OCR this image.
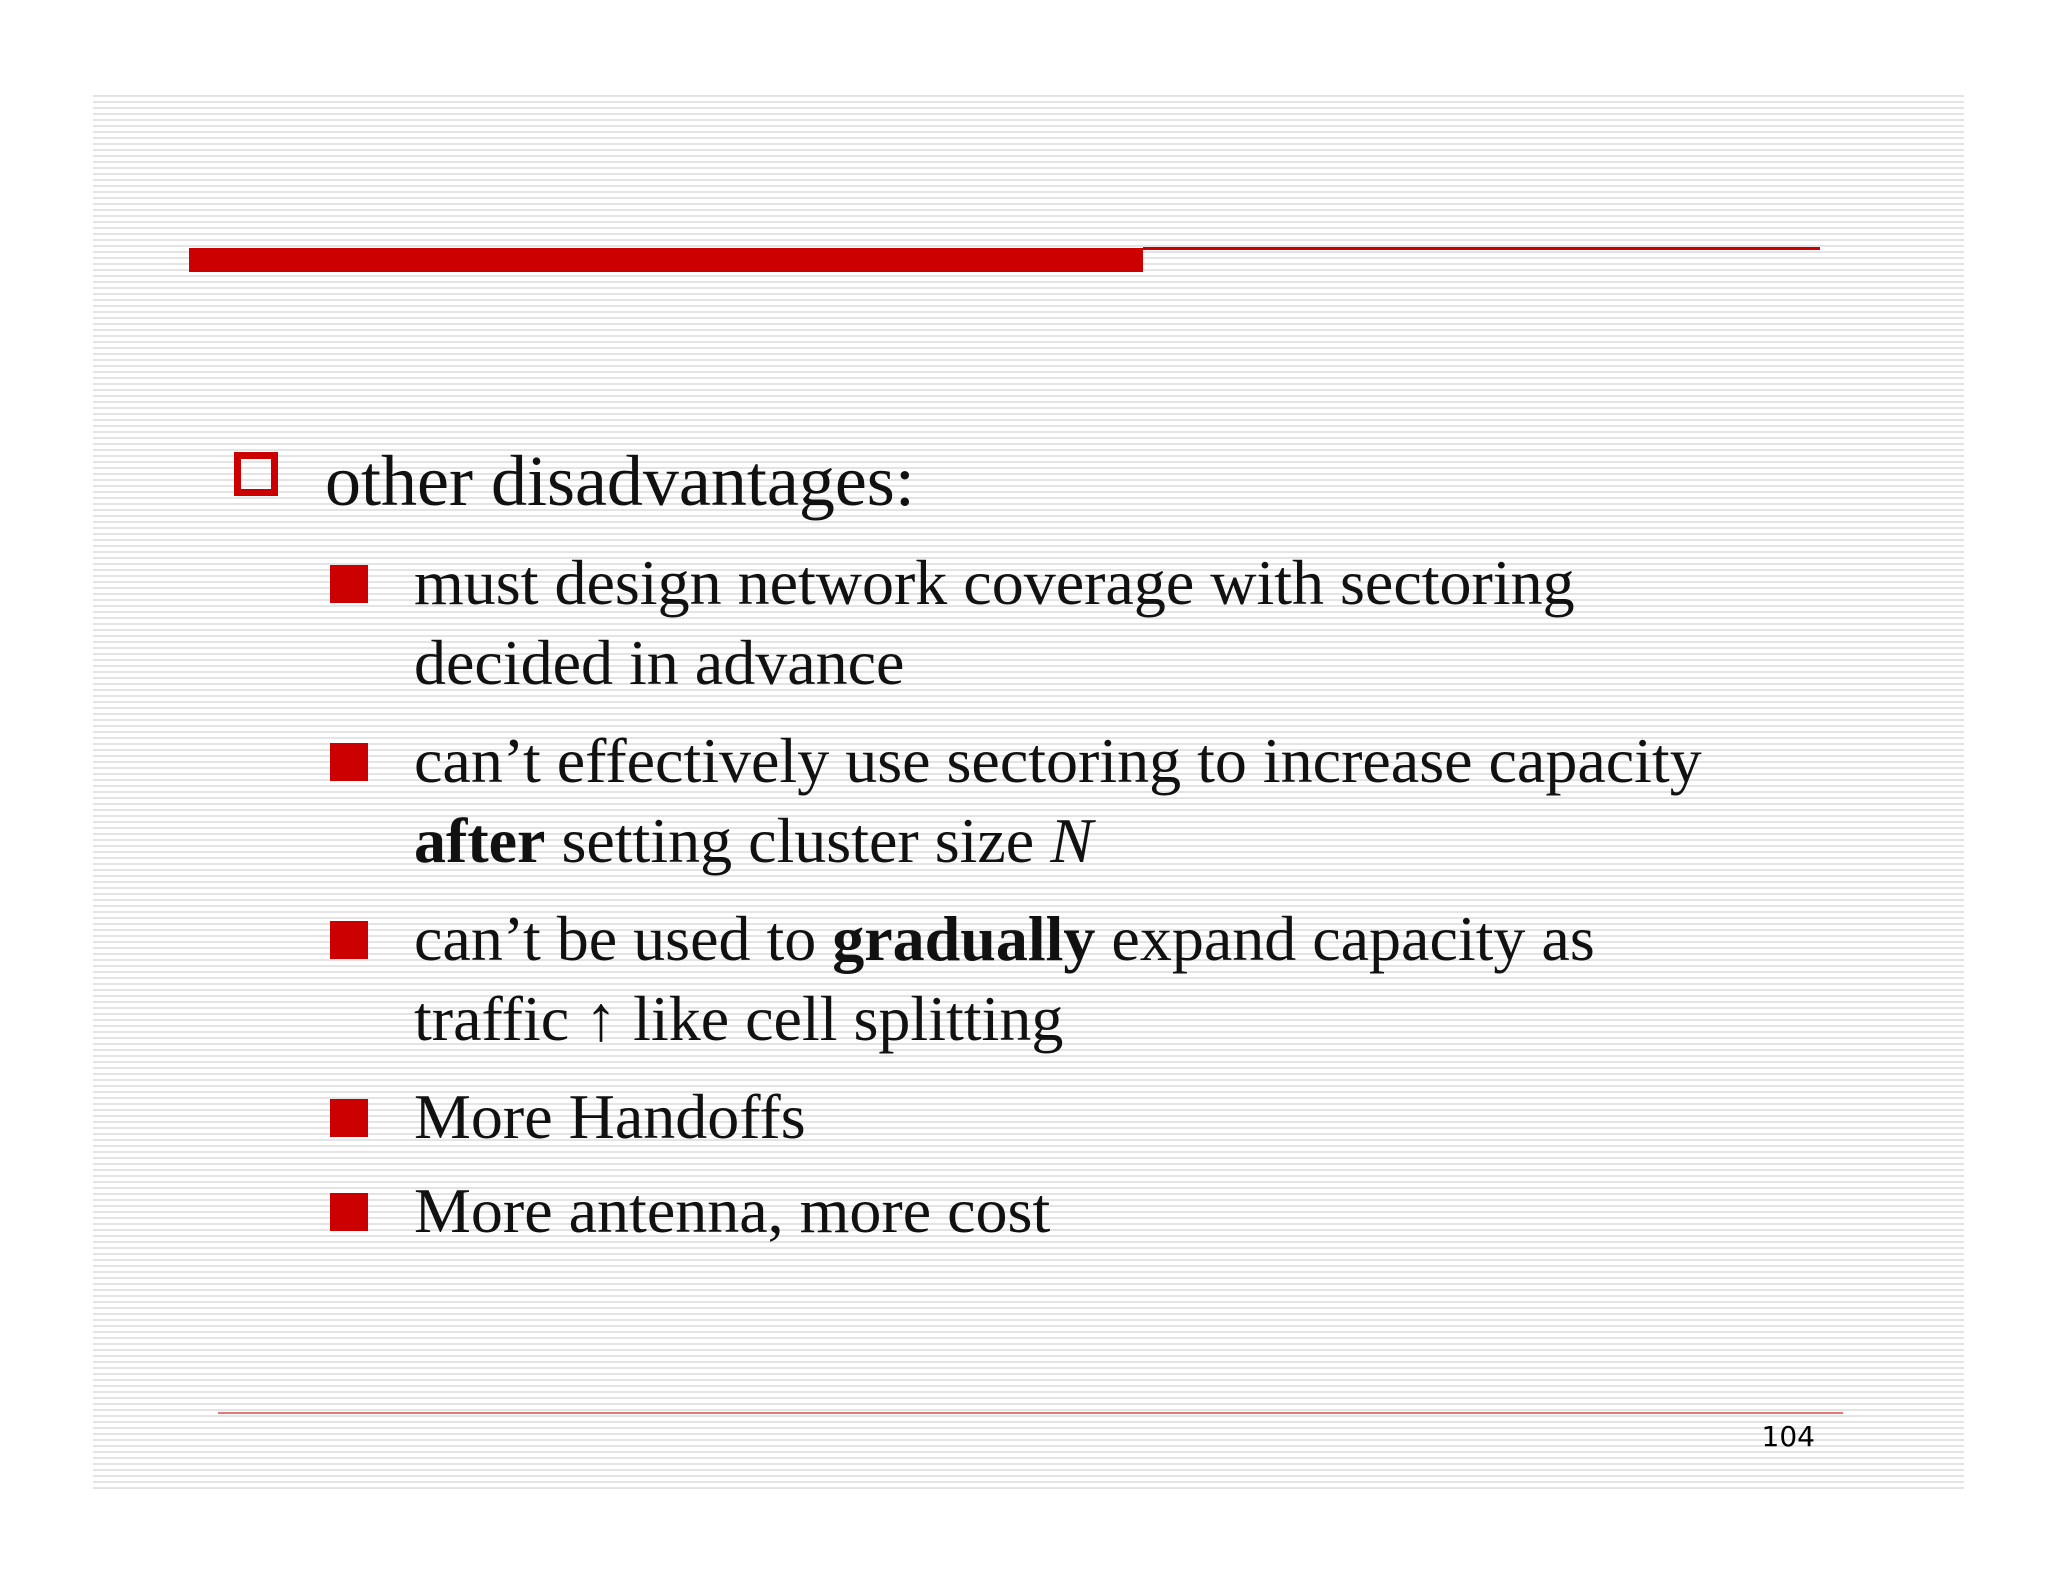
other disadvantages:
must design network coverage with sectoring
decided in advance
can’t effectively use sectoring to increase capacity
after setting cluster size N
can’t be used to gradually expand capacity as
traffic ↑ like cell splitting
More Handoffs
More antenna, more cost
104
